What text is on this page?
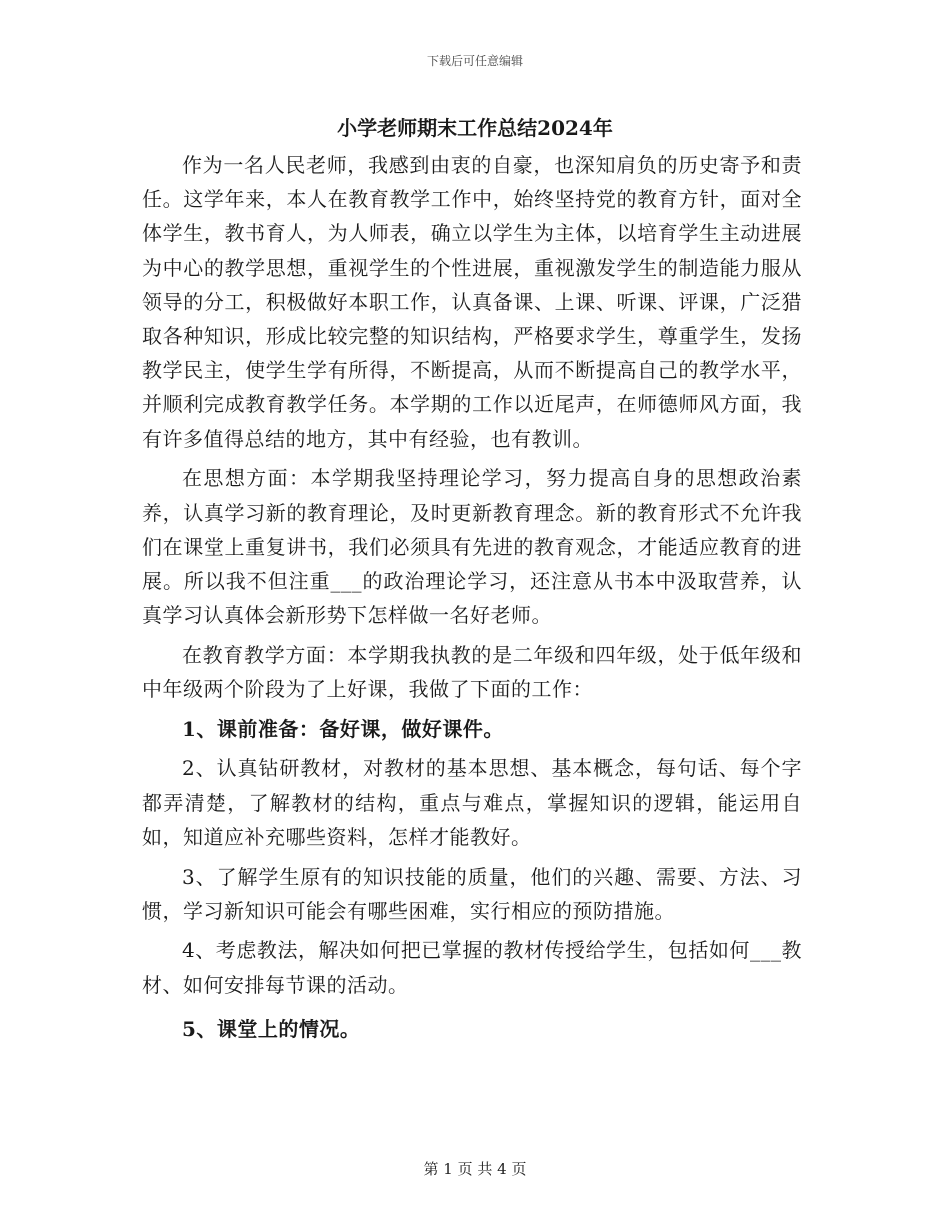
下载后可任意编辑
小学老师期末工作总结2024年

作为一名人民老师，我感到由衷的自豪，也深知肩负的历史寄予和责任。这学年来，本人在教育教学工作中，始终坚持党的教育方针，面对全体学生，教书育人，为人师表，确立以学生为主体，以培育学生主动进展为中心的教学思想，重视学生的个性进展，重视激发学生的制造能力服从领导的分工，积极做好本职工作，认真备课、上课、听课、评课，广泛猎取各种知识，形成比较完整的知识结构，严格要求学生，尊重学生，发扬教学民主，使学生学有所得，不断提高，从而不断提高自己的教学水平，并顺利完成教育教学任务。本学期的工作以近尾声，在师德师风方面，我有许多值得总结的地方，其中有经验，也有教训。

在思想方面：本学期我坚持理论学习，努力提高自身的思想政治素养，认真学习新的教育理论，及时更新教育理念。新的教育形式不允许我们在课堂上重复讲书，我们必须具有先进的教育观念，才能适应教育的进展。所以我不但注重___的政治理论学习，还注意从书本中汲取营养，认真学习认真体会新形势下怎样做一名好老师。

在教育教学方面：本学期我执教的是二年级和四年级，处于低年级和中年级两个阶段为了上好课，我做了下面的工作：

1、课前准备：备好课，做好课件。

2、认真钻研教材，对教材的基本思想、基本概念，每句话、每个字都弄清楚，了解教材的结构，重点与难点，掌握知识的逻辑，能运用自如，知道应补充哪些资料，怎样才能教好。

3、了解学生原有的知识技能的质量，他们的兴趣、需要、方法、习惯，学习新知识可能会有哪些困难，实行相应的预防措施。

4、考虑教法，解决如何把已掌握的教材传授给学生，包括如何___教材、如何安排每节课的活动。

5、课堂上的情况。

第 1 页 共 4 页
